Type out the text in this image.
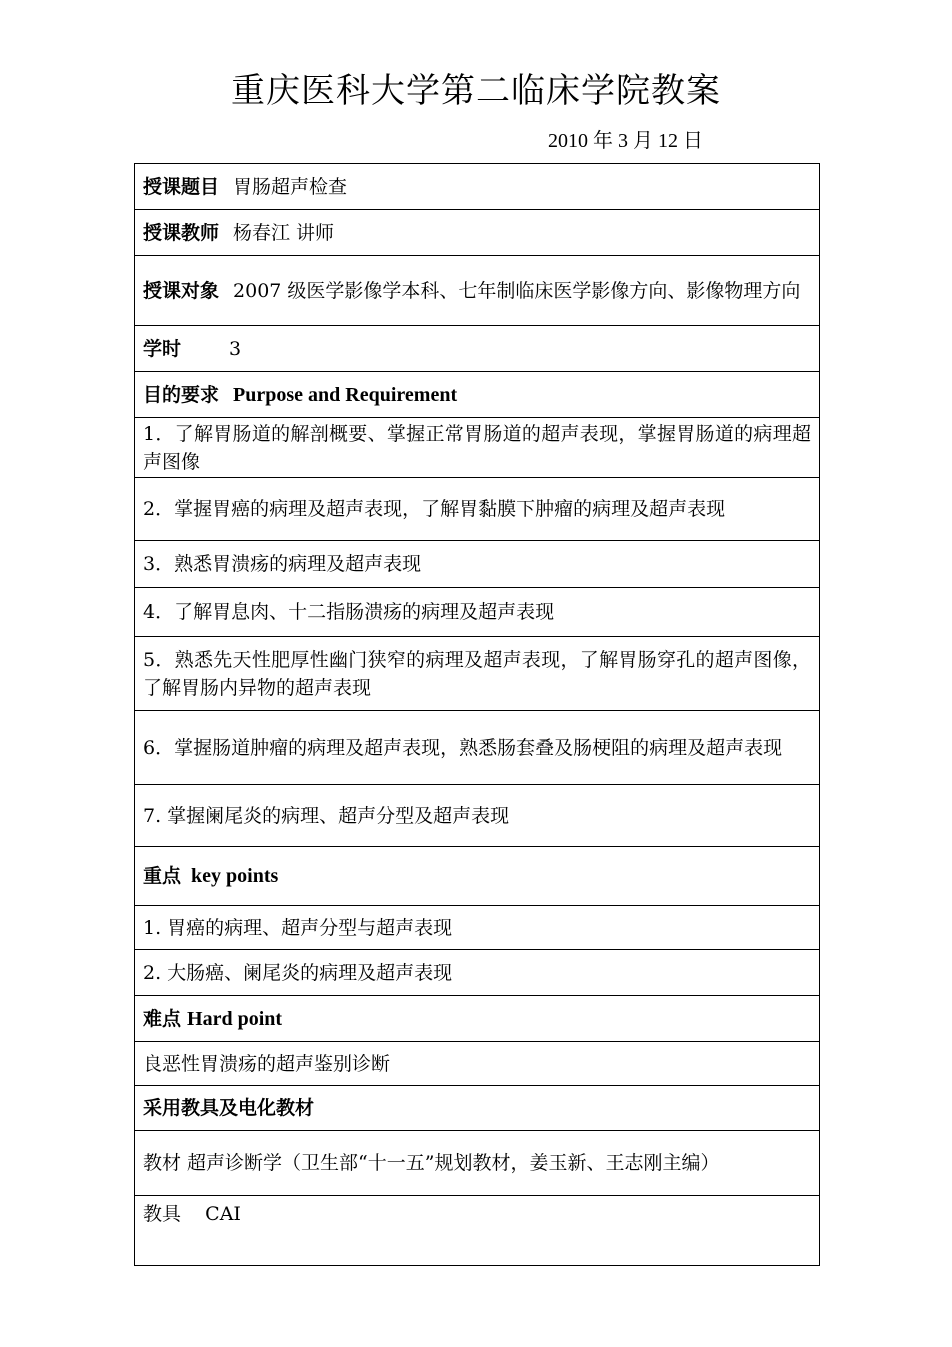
重庆医科大学第二临床学院教案
2010 年 3 月 12 日
授课题目 胃肠超声检查
授课教师 杨春江 讲师
授课对象 2007 级医学影像学本科、七年制临床医学影像方向、影像物理方向
学时	3
目的要求 Purpose and Requirement
1．了解胃肠道的解剖概要、掌握正常胃肠道的超声表现，掌握胃肠道的病理超声图像
2．掌握胃癌的病理及超声表现，了解胃黏膜下肿瘤的病理及超声表现
3．熟悉胃溃疡的病理及超声表现
4．了解胃息肉、十二指肠溃疡的病理及超声表现
5．熟悉先天性肥厚性幽门狭窄的病理及超声表现，了解胃肠穿孔的超声图像，了解胃肠内异物的超声表现
6．掌握肠道肿瘤的病理及超声表现，熟悉肠套叠及肠梗阻的病理及超声表现
7. 掌握阑尾炎的病理、超声分型及超声表现
重点 key points
1. 胃癌的病理、超声分型与超声表现
2. 大肠癌、阑尾炎的病理及超声表现
难点 Hard point
良恶性胃溃疡的超声鉴别诊断
采用教具及电化教材
教材 超声诊断学（卫生部“十一五”规划教材，姜玉新、王志刚主编）
教具    CAI
